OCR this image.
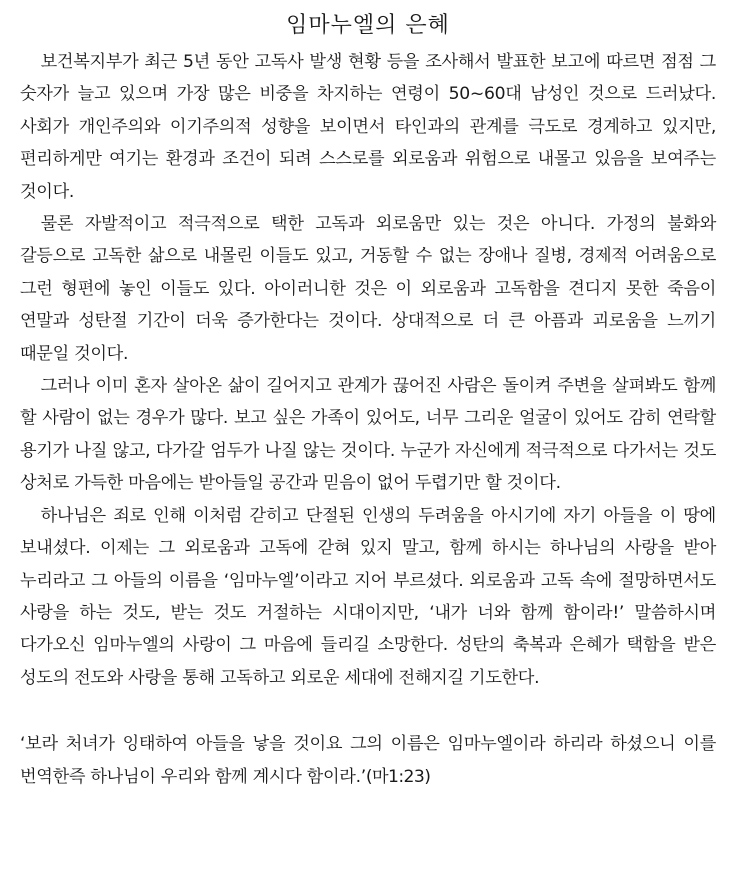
임마누엘의 은혜

보건복지부가 최근 5년 동안 고독사 발생 현황 등을 조사해서 발표한 보고에 따르면 점점 그 숫자가 늘고 있으며 가장 많은 비중을 차지하는 연령이 50~60대 남성인 것으로 드러났다. 사회가 개인주의와 이기주의적 성향을 보이면서 타인과의 관계를 극도로 경계하고 있지만, 편리하게만 여기는 환경과 조건이 되려 스스로를 외로움과 위험으로 내몰고 있음을 보여주는 것이다.

물론 자발적이고 적극적으로 택한 고독과 외로움만 있는 것은 아니다. 가정의 불화와 갈등으로 고독한 삶으로 내몰린 이들도 있고, 거동할 수 없는 장애나 질병, 경제적 어려움으로 그런 형편에 놓인 이들도 있다. 아이러니한 것은 이 외로움과 고독함을 견디지 못한 죽음이 연말과 성탄절 기간이 더욱 증가한다는 것이다. 상대적으로 더 큰 아픔과 괴로움을 느끼기 때문일 것이다.

그러나 이미 혼자 살아온 삶이 길어지고 관계가 끊어진 사람은 돌이켜 주변을 살펴봐도 함께 할 사람이 없는 경우가 많다. 보고 싶은 가족이 있어도, 너무 그리운 얼굴이 있어도 감히 연락할 용기가 나질 않고, 다가갈 엄두가 나질 않는 것이다. 누군가 자신에게 적극적으로 다가서는 것도 상처로 가득한 마음에는 받아들일 공간과 믿음이 없어 두렵기만 할 것이다.

하나님은 죄로 인해 이처럼 갇히고 단절된 인생의 두려움을 아시기에 자기 아들을 이 땅에 보내셨다. 이제는 그 외로움과 고독에 갇혀 있지 말고, 함께 하시는 하나님의 사랑을 받아 누리라고 그 아들의 이름을 ‘임마누엘’이라고 지어 부르셨다. 외로움과 고독 속에 절망하면서도 사랑을 하는 것도, 받는 것도 거절하는 시대이지만, ‘내가 너와 함께 함이라!’ 말씀하시며 다가오신 임마누엘의 사랑이 그 마음에 들리길 소망한다. 성탄의 축복과 은혜가 택함을 받은 성도의 전도와 사랑을 통해 고독하고 외로운 세대에 전해지길 기도한다.

‘보라 처녀가 잉태하여 아들을 낳을 것이요 그의 이름은 임마누엘이라 하리라 하셨으니 이를 번역한즉 하나님이 우리와 함께 계시다 함이라.’(마1:23)
